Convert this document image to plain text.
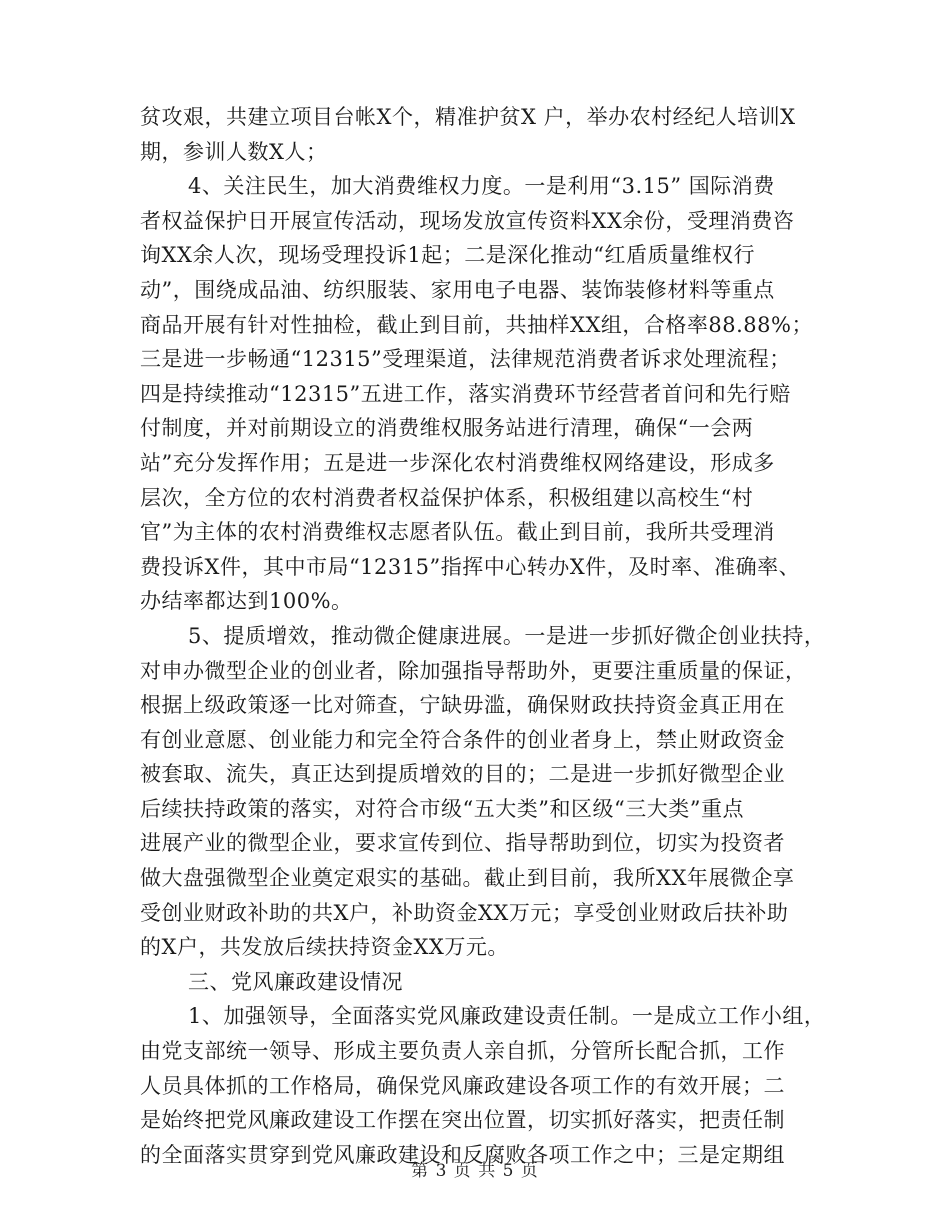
贫攻艰，共建立项目台帐X个，精准护贫X 户，举办农村经纪人培训X
期，参训人数X人；
4、关注民生，加大消费维权力度。一是利用“3.15” 国际消费
者权益保护日开展宣传活动，现场发放宣传资料XX余份，受理消费咨
询XX余人次，现场受理投诉1起；二是深化推动“红盾质量维权行
动”，围绕成品油、纺织服装、家用电子电器、装饰装修材料等重点
商品开展有针对性抽检，截止到目前，共抽样XX组，合格率88.88%；
三是进一步畅通“12315”受理渠道，法律规范消费者诉求处理流程；
四是持续推动“12315”五进工作，落实消费环节经营者首问和先行赔
付制度，并对前期设立的消费维权服务站进行清理，确保“一会两
站”充分发挥作用；五是进一步深化农村消费维权网络建设，形成多
层次，全方位的农村消费者权益保护体系，积极组建以高校生“村
官”为主体的农村消费维权志愿者队伍。截止到目前，我所共受理消
费投诉X件，其中市局“12315”指挥中心转办X件，及时率、准确率、
办结率都达到100%。
5、提质增效，推动微企健康进展。一是进一步抓好微企创业扶持，
对申办微型企业的创业者，除加强指导帮助外，更要注重质量的保证，
根据上级政策逐一比对筛查，宁缺毋滥，确保财政扶持资金真正用在
有创业意愿、创业能力和完全符合条件的创业者身上，禁止财政资金
被套取、流失，真正达到提质增效的目的；二是进一步抓好微型企业
后续扶持政策的落实，对符合市级“五大类”和区级“三大类”重点
进展产业的微型企业，要求宣传到位、指导帮助到位，切实为投资者
做大盘强微型企业奠定艰实的基础。截止到目前，我所XX年展微企享
受创业财政补助的共X户，补助资金XX万元；享受创业财政后扶补助
的X户，共发放后续扶持资金XX万元。
三、党风廉政建设情况
1、加强领导，全面落实党风廉政建设责任制。一是成立工作小组，
由党支部统一领导、形成主要负责人亲自抓，分管所长配合抓，工作
人员具体抓的工作格局，确保党风廉政建设各项工作的有效开展；二
是始终把党风廉政建设工作摆在突出位置，切实抓好落实，把责任制
的全面落实贯穿到党风廉政建设和反腐败各项工作之中；三是定期组
第 3 页 共 5 页
